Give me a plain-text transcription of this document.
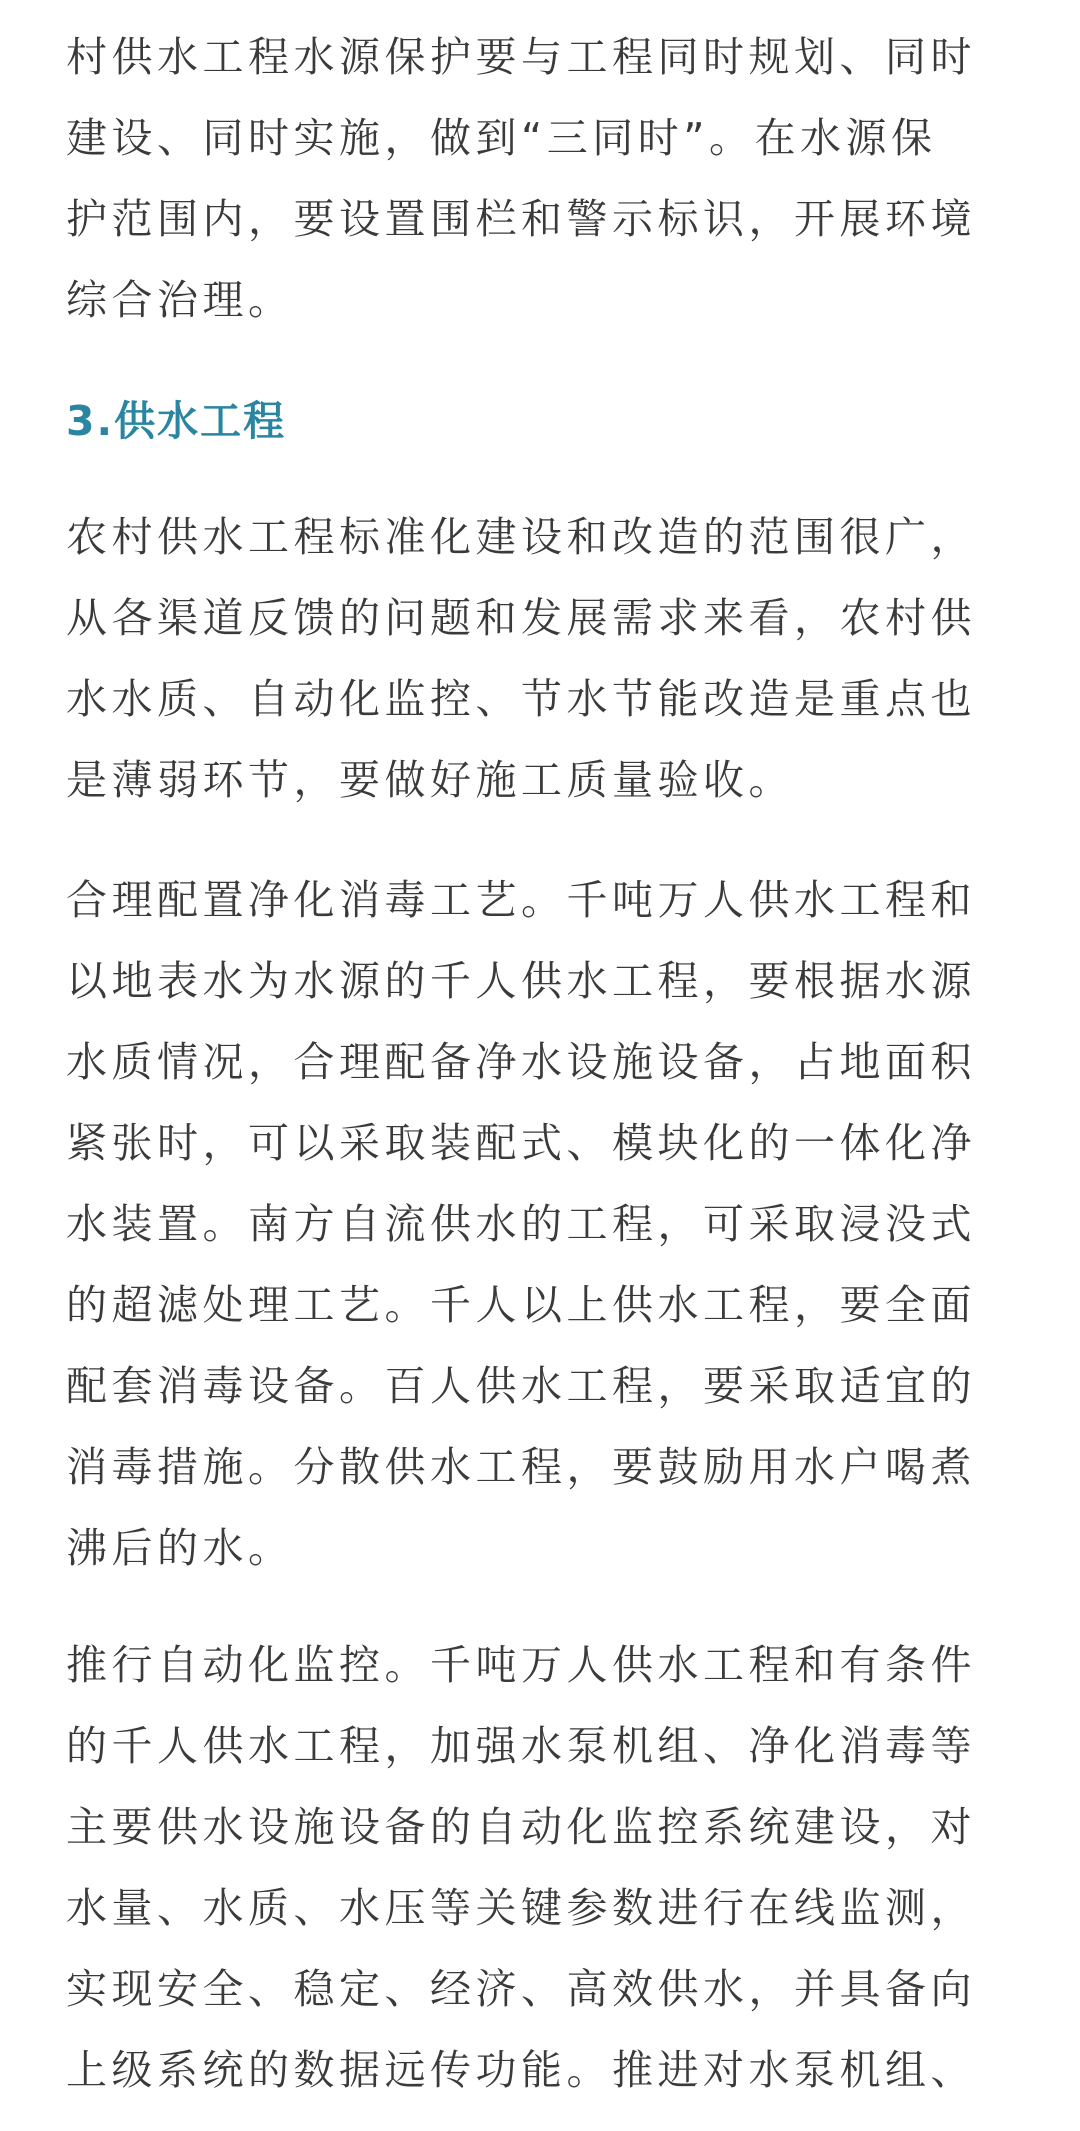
村供水工程水源保护要与工程同时规划、同时
建设、同时实施，做到“三同时”。在水源保
护范围内，要设置围栏和警示标识，开展环境
综合治理。

3.供水工程

农村供水工程标准化建设和改造的范围很广，
从各渠道反馈的问题和发展需求来看，农村供
水水质、自动化监控、节水节能改造是重点也
是薄弱环节，要做好施工质量验收。

合理配置净化消毒工艺。千吨万人供水工程和
以地表水为水源的千人供水工程，要根据水源
水质情况，合理配备净水设施设备，占地面积
紧张时，可以采取装配式、模块化的一体化净
水装置。南方自流供水的工程，可采取浸没式
的超滤处理工艺。千人以上供水工程，要全面
配套消毒设备。百人供水工程，要采取适宜的
消毒措施。分散供水工程，要鼓励用水户喝煮
沸后的水。

推行自动化监控。千吨万人供水工程和有条件
的千人供水工程，加强水泵机组、净化消毒等
主要供水设施设备的自动化监控系统建设，对
水量、水质、水压等关键参数进行在线监测，
实现安全、稳定、经济、高效供水，并具备向
上级系统的数据远传功能。推进对水泵机组、
